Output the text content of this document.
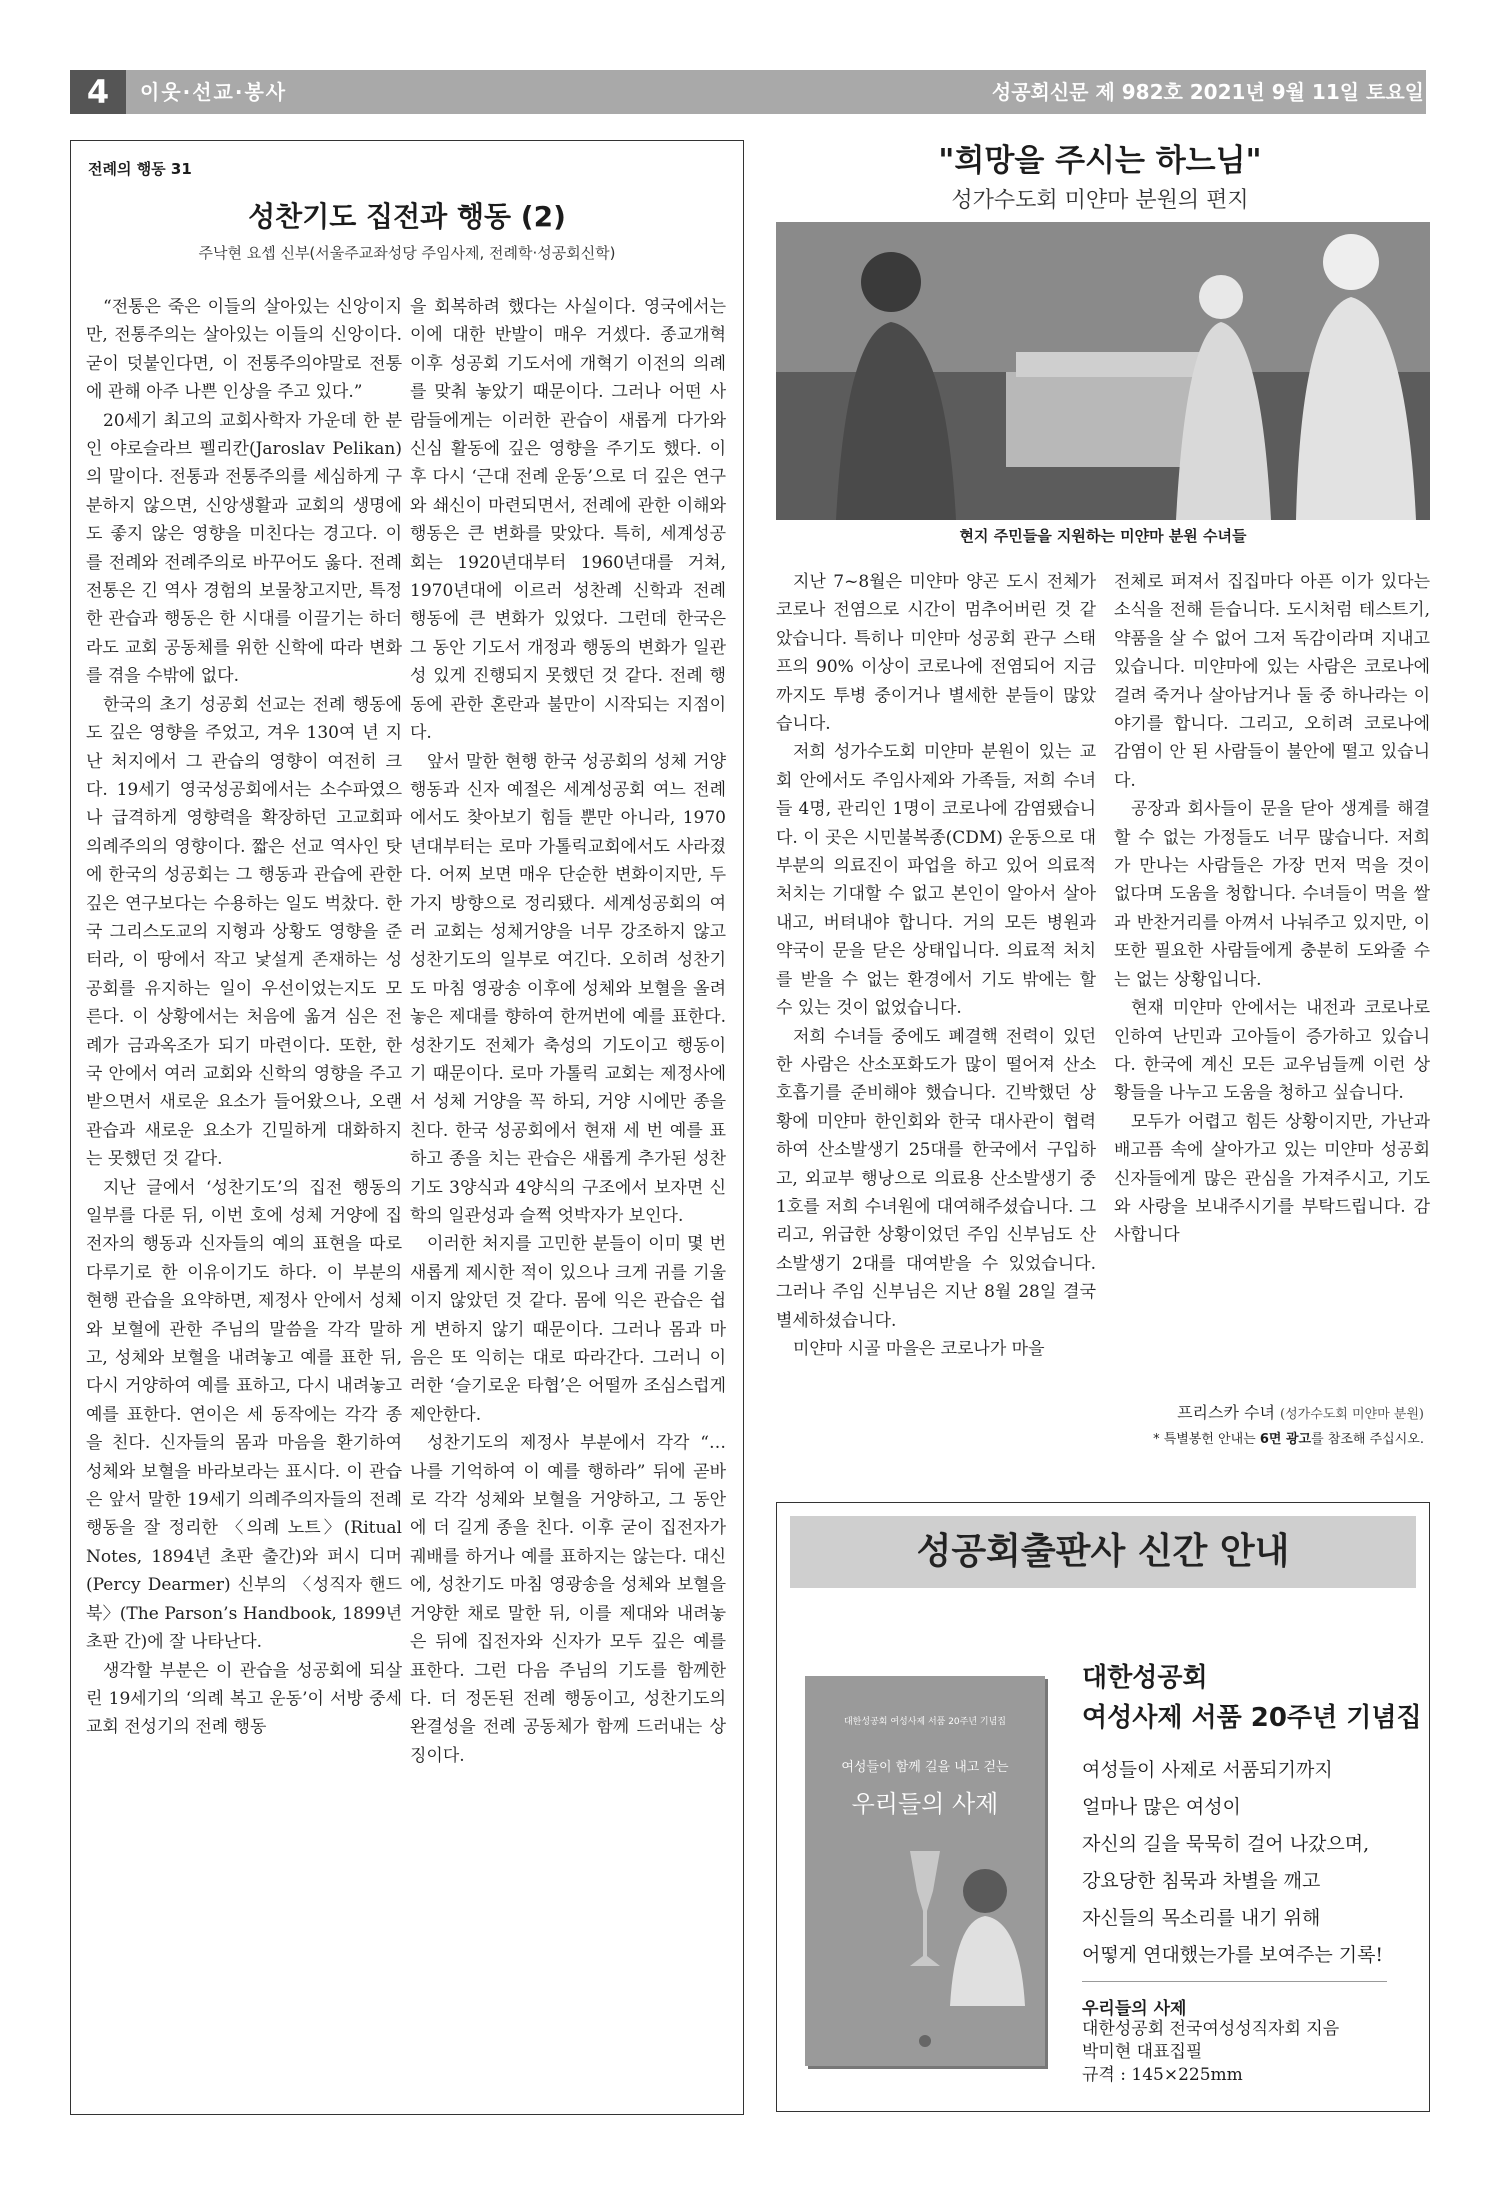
4	이웃·선교·봉사	성공회신문 제 982호 2021년 9월 11일 토요일
전례의 행동 31
성찬기도 집전과 행동 (2)
주낙현 요셉 신부(서울주교좌성당 주임사제, 전례학·성공회신학)

“전통은 죽은 이들의 살아있는 신앙이지만, 전통주의는 살아있는 이들의 신앙이다. 굳이 덧붙인다면, 이 전통주의야말로 전통에 관해 아주 나쁜 인상을 주고 있다.”

20세기 최고의 교회사학자 가운데 한 분인 야로슬라브 펠리칸(Jaroslav Pelikan)의 말이다. 전통과 전통주의를 세심하게 구분하지 않으면, 신앙생활과 교회의 생명에도 좋지 않은 영향을 미친다는 경고다. 이를 전례와 전례주의로 바꾸어도 옳다. 전례 전통은 긴 역사 경험의 보물창고지만, 특정한 관습과 행동은 한 시대를 이끌기는 하더라도 교회 공동체를 위한 신학에 따라 변화를 겪을 수밖에 없다.

한국의 초기 성공회 선교는 전례 행동에도 깊은 영향을 주었고, 겨우 130여 년 지난 처지에서 그 관습의 영향이 여전히 크다. 19세기 영국성공회에서는 소수파였으나 급격하게 영향력을 확장하던 고교회파 의례주의의 영향이다. 짧은 선교 역사인 탓에 한국의 성공회는 그 행동과 관습에 관한 깊은 연구보다는 수용하는 일도 벅찼다. 한국 그리스도교의 지형과 상황도 영향을 준 터라, 이 땅에서 작고 낯설게 존재하는 성공회를 유지하는 일이 우선이었는지도 모른다. 이 상황에서는 처음에 옮겨 심은 전례가 금과옥조가 되기 마련이다. 또한, 한국 안에서 여러 교회와 신학의 영향을 주고받으면서 새로운 요소가 들어왔으나, 오랜 관습과 새로운 요소가 긴밀하게 대화하지는 못했던 것 같다.

지난 글에서 ‘성찬기도’의 집전 행동의 일부를 다룬 뒤, 이번 호에 성체 거양에 집전자의 행동과 신자들의 예의 표현을 따로 다루기로 한 이유이기도 하다. 이 부분의 현행 관습을 요약하면, 제정사 안에서 성체와 보혈에 관한 주님의 말씀을 각각 말하고, 성체와 보혈을 내려놓고 예를 표한 뒤, 다시 거양하여 예를 표하고, 다시 내려놓고 예를 표한다. 연이은 세 동작에는 각각 종을 친다. 신자들의 몸과 마음을 환기하여 성체와 보혈을 바라보라는 표시다. 이 관습은 앞서 말한 19세기 의례주의자들의 전례 행동을 잘 정리한 〈의례 노트〉(Ritual Notes, 1894년 초판 출간)와 퍼시 디머(Percy Dearmer) 신부의 〈성직자 핸드북〉(The Parson’s Handbook, 1899년 초판 간)에 잘 나타난다.

생각할 부분은 이 관습을 성공회에 되살린 19세기의 ‘의례 복고 운동’이 서방 중세교회 전성기의 전례 행동

을 회복하려 했다는 사실이다. 영국에서는 이에 대한 반발이 매우 거셌다. 종교개혁 이후 성공회 기도서에 개혁기 이전의 의례를 맞춰 놓았기 때문이다. 그러나 어떤 사람들에게는 이러한 관습이 새롭게 다가와 신심 활동에 깊은 영향을 주기도 했다. 이후 다시 ‘근대 전례 운동’으로 더 깊은 연구와 쇄신이 마련되면서, 전례에 관한 이해와 행동은 큰 변화를 맞았다. 특히, 세계성공회는 1920년대부터 1960년대를 거쳐, 1970년대에 이르러 성찬례 신학과 전례 행동에 큰 변화가 있었다. 그런데 한국은 그 동안 기도서 개정과 행동의 변화가 일관성 있게 진행되지 못했던 것 같다. 전례 행동에 관한 혼란과 불만이 시작되는 지점이다.

앞서 말한 현행 한국 성공회의 성체 거양 행동과 신자 예절은 세계성공회 여느 전례에서도 찾아보기 힘들 뿐만 아니라, 1970년대부터는 로마 가톨릭교회에서도 사라졌다. 어찌 보면 매우 단순한 변화이지만, 두 가지 방향으로 정리됐다. 세계성공회의 여러 교회는 성체거양을 너무 강조하지 않고 성찬기도의 일부로 여긴다. 오히려 성찬기도 마침 영광송 이후에 성체와 보혈을 올려놓은 제대를 향하여 한꺼번에 예를 표한다. 성찬기도 전체가 축성의 기도이고 행동이기 때문이다. 로마 가톨릭 교회는 제정사에서 성체 거양을 꼭 하되, 거양 시에만 종을 친다. 한국 성공회에서 현재 세 번 예를 표하고 종을 치는 관습은 새롭게 추가된 성찬기도 3양식과 4양식의 구조에서 보자면 신학의 일관성과 슬쩍 엇박자가 보인다.

이러한 처지를 고민한 분들이 이미 몇 번 새롭게 제시한 적이 있으나 크게 귀를 기울이지 않았던 것 같다. 몸에 익은 관습은 쉽게 변하지 않기 때문이다. 그러나 몸과 마음은 또 익히는 대로 따라간다. 그러니 이러한 ‘슬기로운 타협’은 어떨까 조심스럽게 제안한다.

성찬기도의 제정사 부분에서 각각 “… 나를 기억하여 이 예를 행하라” 뒤에 곧바로 각각 성체와 보혈을 거양하고, 그 동안에 더 길게 종을 친다. 이후 굳이 집전자가 궤배를 하거나 예를 표하지는 않는다. 대신에, 성찬기도 마침 영광송을 성체와 보혈을 거양한 채로 말한 뒤, 이를 제대와 내려놓은 뒤에 집전자와 신자가 모두 깊은 예를 표한다. 그런 다음 주님의 기도를 함께한다. 더 정돈된 전례 행동이고, 성찬기도의 완결성을 전례 공동체가 함께 드러내는 상징이다.

"희망을 주시는 하느님"
성가수도회 미얀마 분원의 편지
현지 주민들을 지원하는 미얀마 분원 수녀들

지난 7~8월은 미얀마 양곤 도시 전체가 코로나 전염으로 시간이 멈추어버린 것 같았습니다. 특히나 미얀마 성공회 관구 스태프의 90% 이상이 코로나에 전염되어 지금까지도 투병 중이거나 별세한 분들이 많았습니다.

저희 성가수도회 미얀마 분원이 있는 교회 안에서도 주임사제와 가족들, 저희 수녀들 4명, 관리인 1명이 코로나에 감염됐습니다. 이 곳은 시민불복종(CDM) 운동으로 대부분의 의료진이 파업을 하고 있어 의료적 처치는 기대할 수 없고 본인이 알아서 살아내고, 버텨내야 합니다. 거의 모든 병원과 약국이 문을 닫은 상태입니다. 의료적 처치를 받을 수 없는 환경에서 기도 밖에는 할 수 있는 것이 없었습니다.

저희 수녀들 중에도 폐결핵 전력이 있던 한 사람은 산소포화도가 많이 떨어져 산소 호흡기를 준비해야 했습니다. 긴박했던 상황에 미얀마 한인회와 한국 대사관이 협력하여 산소발생기 25대를 한국에서 구입하고, 외교부 행낭으로 의료용 산소발생기 중 1호를 저희 수녀원에 대여해주셨습니다. 그리고, 위급한 상황이었던 주임 신부님도 산소발생기 2대를 대여받을 수 있었습니다. 그러나 주임 신부님은 지난 8월 28일 결국 별세하셨습니다.

미얀마 시골 마을은 코로나가 마을

전체로 퍼져서 집집마다 아픈 이가 있다는 소식을 전해 듣습니다. 도시처럼 테스트기, 약품을 살 수 없어 그저 독감이라며 지내고 있습니다. 미얀마에 있는 사람은 코로나에 걸려 죽거나 살아남거나 둘 중 하나라는 이야기를 합니다. 그리고, 오히려 코로나에 감염이 안 된 사람들이 불안에 떨고 있습니다.

공장과 회사들이 문을 닫아 생계를 해결할 수 없는 가정들도 너무 많습니다. 저희가 만나는 사람들은 가장 먼저 먹을 것이 없다며 도움을 청합니다. 수녀들이 먹을 쌀과 반찬거리를 아껴서 나눠주고 있지만, 이 또한 필요한 사람들에게 충분히 도와줄 수는 없는 상황입니다.

현재 미얀마 안에서는 내전과 코로나로 인하여 난민과 고아들이 증가하고 있습니다. 한국에 계신 모든 교우님들께 이런 상황들을 나누고 도움을 청하고 싶습니다.

모두가 어렵고 힘든 상황이지만, 가난과 배고픔 속에 살아가고 있는 미얀마 성공회 신자들에게 많은 관심을 가져주시고, 기도와 사랑을 보내주시기를 부탁드립니다. 감사합니다

프리스카 수녀 (성가수도회 미얀마 분원)
* 특별봉헌 안내는 6면 광고를 참조해 주십시오.
성공회출판사 신간 안내
대한성공회 여성사제 서품 20주년 기념집
여성들이 함께 길을 내고 걷는
우리들의 사제
대한성공회
여성사제 서품 20주년 기념집
여성들이 사제로 서품되기까지
얼마나 많은 여성이
자신의 길을 묵묵히 걸어 나갔으며,
강요당한 침묵과 차별을 깨고
자신들의 목소리를 내기 위해
어떻게 연대했는가를 보여주는 기록!
우리들의 사제
대한성공회 전국여성성직자회 지음
박미현 대표집필
규격 : 145×225mm
